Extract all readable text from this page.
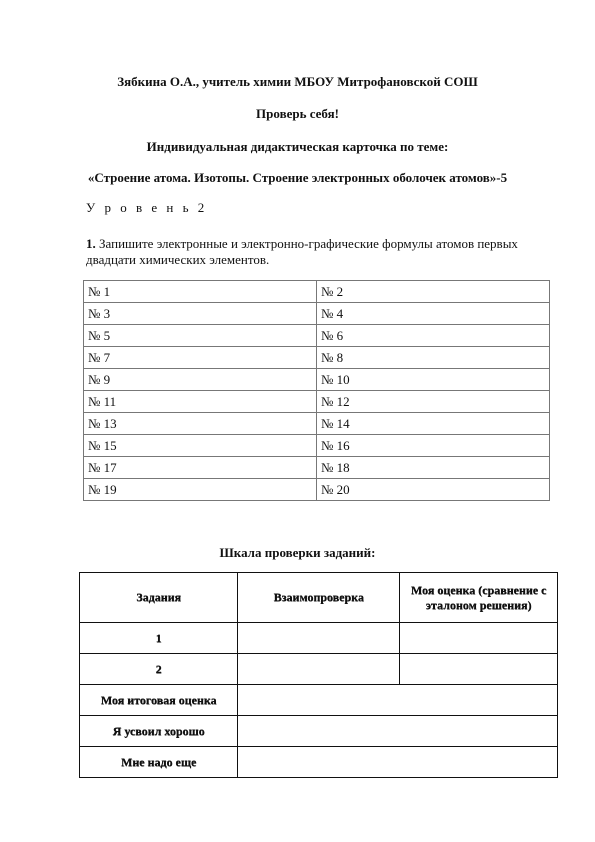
Зябкина О.А., учитель химии МБОУ Митрофановской СОШ
Проверь себя!
Индивидуальная дидактическая карточка по теме:
«Строение атома. Изотопы. Строение электронных оболочек атомов»-5
У р о в е н ь 2
1. Запишите электронные и электронно-графические формулы атомов первых двадцати химических элементов.
№ 1	№ 2
№ 3	№ 4
№ 5	№ 6
№ 7	№ 8
№ 9	№ 10
№ 11	№ 12
№ 13	№ 14
№ 15	№ 16
№ 17	№ 18
№ 19	№ 20
Шкала проверки заданий:
Задания	Взаимопроверка	Моя оценка (сравнение с эталоном решения)
1		
2		
Моя итоговая оценка		
Я усвоил хорошо		
Мне надо еще		
